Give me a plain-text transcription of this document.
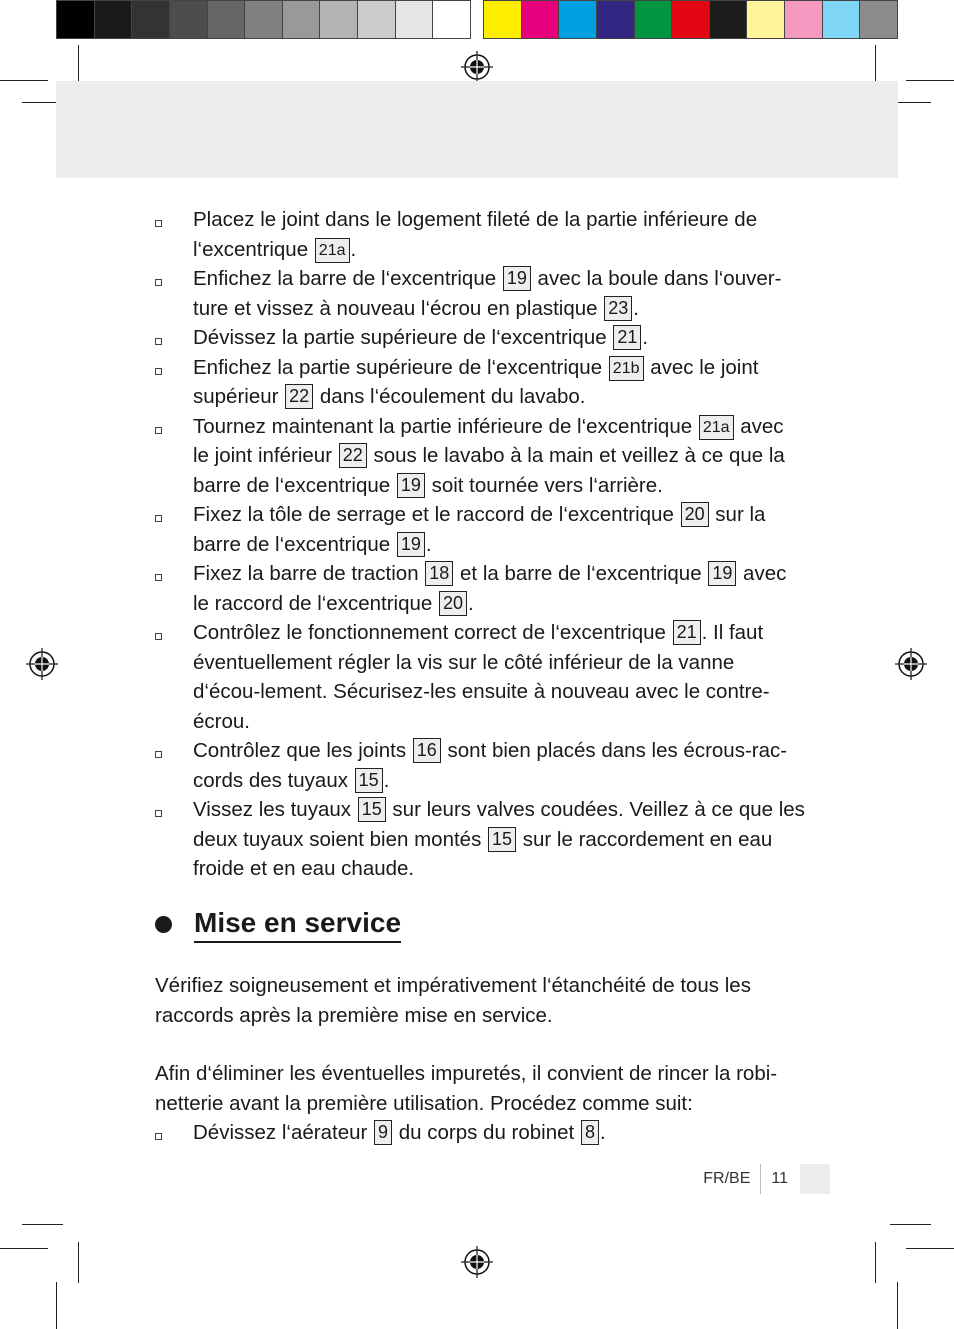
Placez le joint dans le logement fileté de la partie inférieure de l‘excentrique 21a .
Enfichez la barre de l‘excentrique 19 avec la boule dans l‘ouver-ture et vissez à nouveau l‘écrou en plastique 23 .
Dévissez la partie supérieure de l‘excentrique 21 .
Enfichez la partie supérieure de l‘excentrique 21b avec le joint supérieur 22 dans l‘écoulement du lavabo.
Tournez maintenant la partie inférieure de l‘excentrique 21a avec le joint inférieur 22 sous le lavabo à la main et veillez à ce que la barre de l‘excentrique 19 soit tournée vers l‘arrière.
Fixez la tôle de serrage et le raccord de l‘excentrique 20 sur la barre de l‘excentrique 19 .
Fixez la barre de traction 18 et la barre de l‘excentrique 19 avec le raccord de l‘excentrique 20 .
Contrôlez le fonctionnement correct de l‘excentrique 21 . Il faut éventuellement régler la vis sur le côté inférieur de la vanne d‘écou-lement. Sécurisez-les ensuite à nouveau avec le contre-écrou.
Contrôlez que les joints 16 sont bien placés dans les écrous-rac-cords des tuyaux 15 .
Vissez les tuyaux 15 sur leurs valves coudées. Veillez à ce que les deux tuyaux soient bien montés 15 sur le raccordement en eau froide et en eau chaude.
Mise en service

Vérifiez soigneusement et impérativement l‘étanchéité de tous les raccords après la première mise en service.

Afin d‘éliminer les éventuelles impuretés, il convient de rincer la robi-netterie avant la première utilisation. Procédez comme suit:

Dévissez l‘aérateur 9 du corps du robinet 8 .
FR/BE	11
